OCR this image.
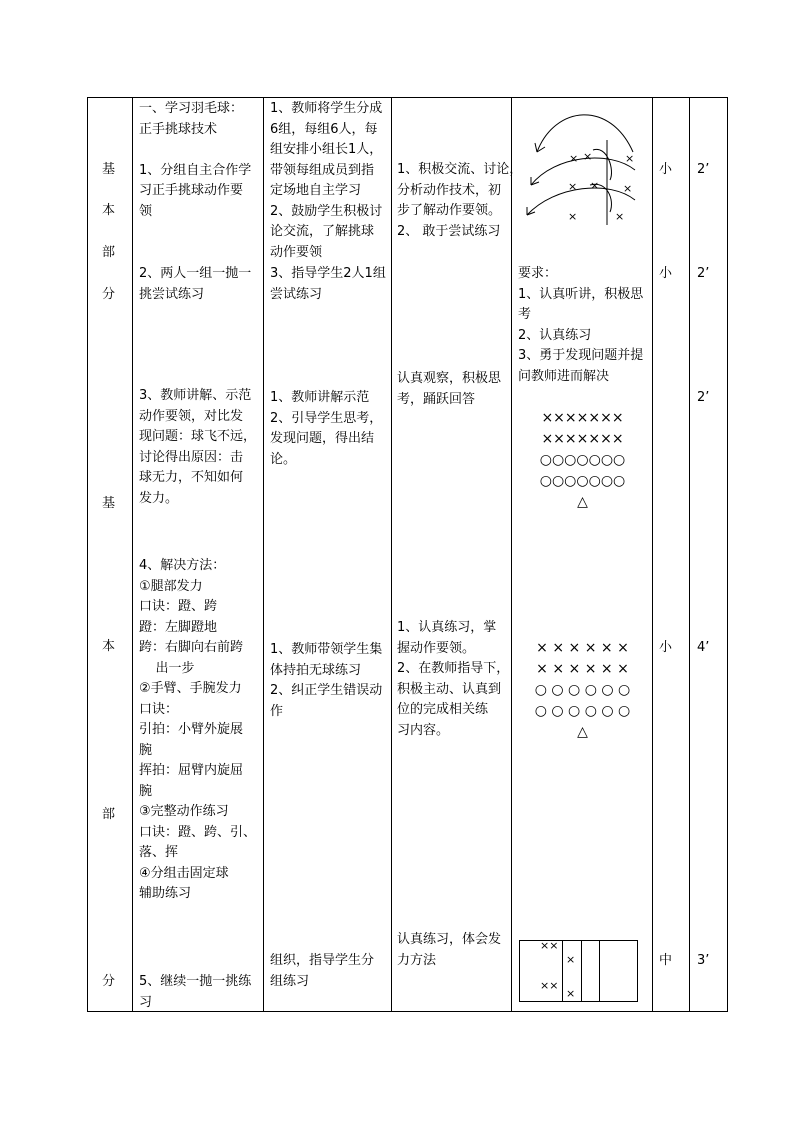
基
本
部
分
基
本
部
分
一、学习羽毛球：
正手挑球技术

1、分组自主合作学
习正手挑球动作要
领
2、两人一组一抛一
挑尝试练习
3、教师讲解、示范
动作要领，对比发
现问题：球飞不远，
讨论得出原因：击
球无力，不知如何
发力。
4、解决方法：
①腿部发力
口诀：蹬、跨
蹬：左脚蹬地
跨：右脚向右前跨
出一步
②手臂、手腕发力
口诀：
引拍：小臂外旋展
腕
挥拍：屈臂内旋屈
腕
③完整动作练习
口诀：蹬、跨、引、
落、挥
④分组击固定球
辅助练习
5、继续一抛一挑练
习
1、教师将学生分成
6组，每组6人，每
组安排小组长1人，
带领每组成员到指
定场地自主学习
2、鼓励学生积极讨
论交流，了解挑球
动作要领
3、指导学生2人1组
尝试练习
1、教师讲解示范
2、引导学生思考，
发现问题，得出结
论。
1、教师带领学生集
体持拍无球练习
2、纠正学生错误动
作
组织，指导学生分
组练习
1、积极交流、讨论，
分析动作技术，初
步了解动作要领。
2、 敢于尝试练习
认真观察，积极思
考，踊跃回答
1、认真练习，掌
握动作要领。
2、在教师指导下，
积极主动、认真到
位的完成相关练
习内容。
认真练习，体会发
力方法
× ×	×
× × ×
×	×
要求：
1、认真听讲，积极思
考
2、认真练习
3、勇于发现问题并提
问教师进而解决
×××××××
×××××××
○○○○○○○
○○○○○○○
△
× × × × × ×
× × × × × ×
○ ○ ○ ○ ○ ○
○ ○ ○ ○ ○ ○
△
××
×
××
×
小
小
小
中
2’
2’
2’
4’
3’
